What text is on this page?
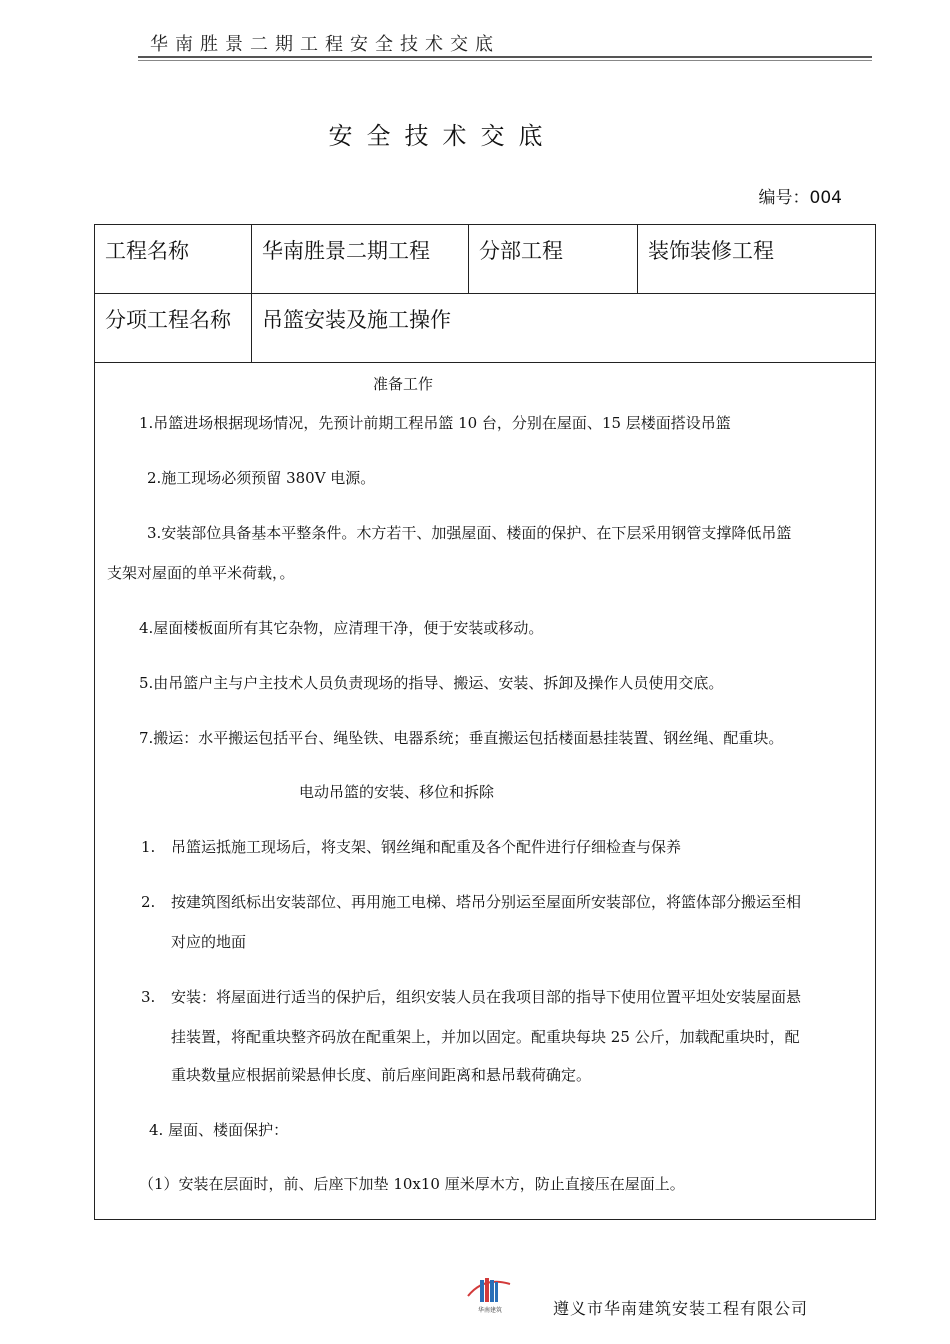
华南胜景二期工程安全技术交底
安全技术交底
编号：004
工程名称	华南胜景二期工程	分部工程	装饰装修工程
分项工程名称	吊篮安装及施工操作		

准备工作

1.吊篮进场根据现场情况，先预计前期工程吊篮 10 台，分别在屋面、15 层楼面搭设吊篮

2.施工现场必须预留 380V 电源。

3.安装部位具备基本平整条件。木方若干、加强屋面、楼面的保护、在下层采用钢管支撑降低吊篮

支架对屋面的单平米荷载，。

4.屋面楼板面所有其它杂物，应清理干净，便于安装或移动。

5.由吊篮户主与户主技术人员负责现场的指导、搬运、安装、拆卸及操作人员使用交底。

7.搬运：水平搬运包括平台、绳坠铁、电器系统；垂直搬运包括楼面悬挂装置、钢丝绳、配重块。

电动吊篮的安装、移位和拆除

1. 吊篮运抵施工现场后，将支架、钢丝绳和配重及各个配件进行仔细检查与保养

2. 按建筑图纸标出安装部位、再用施工电梯、塔吊分别运至屋面所安装部位，将篮体部分搬运至相

对应的地面

3. 安装：将屋面进行适当的保护后，组织安装人员在我项目部的指导下使用位置平坦处安装屋面悬

挂装置，将配重块整齐码放在配重架上，并加以固定。配重块每块 25 公斤，加载配重块时，配

重块数量应根据前梁悬伸长度、前后座间距离和悬吊载荷确定。

4. 屋面、楼面保护：

（1）安装在层面时，前、后座下加垫 10x10 厘米厚木方，防止直接压在屋面上。

华南建筑	遵义市华南建筑安装工程有限公司
